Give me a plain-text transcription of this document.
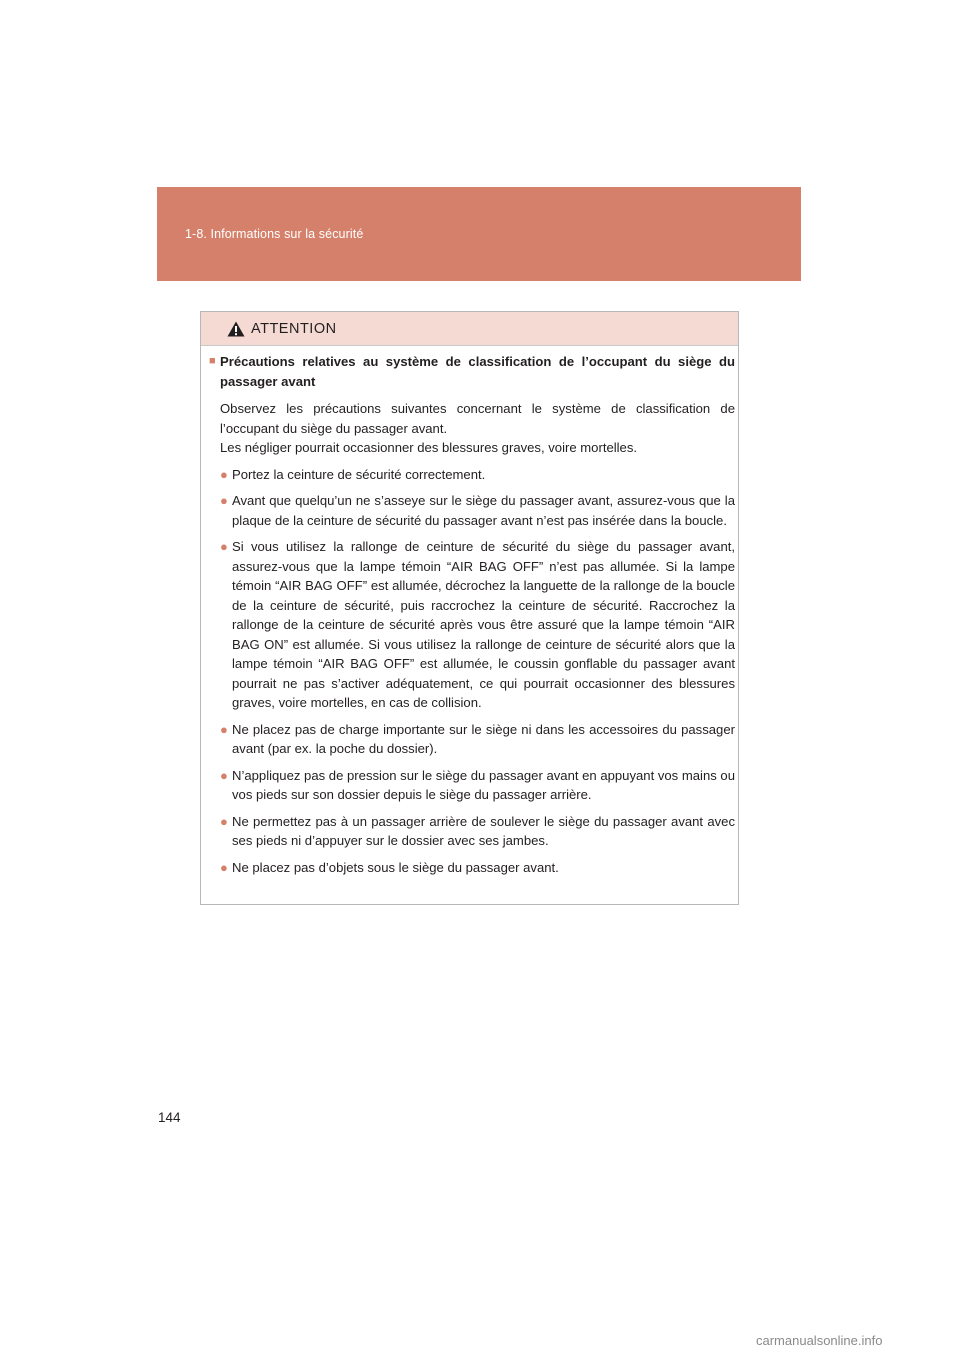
1-8. Informations sur la sécurité
ATTENTION
■ Précautions relatives au système de classification de l’occupant du siège du passager avant

Observez les précautions suivantes concernant le système de classification de l’occupant du siège du passager avant.

Les négliger pourrait occasionner des blessures graves, voire mortelles.

● Portez la ceinture de sécurité correctement.
● Avant que quelqu’un ne s’asseye sur le siège du passager avant, assurez-vous que la plaque de la ceinture de sécurité du passager avant n’est pas insérée dans la boucle.
● Si vous utilisez la rallonge de ceinture de sécurité du siège du passager avant, assurez-vous que la lampe témoin “AIR BAG OFF” n’est pas allumée. Si la lampe témoin “AIR BAG OFF” est allumée, décrochez la languette de la rallonge de la boucle de la ceinture de sécurité, puis raccrochez la ceinture de sécurité. Raccrochez la rallonge de la ceinture de sécurité après vous être assuré que la lampe témoin “AIR BAG ON” est allumée. Si vous utilisez la rallonge de ceinture de sécurité alors que la lampe témoin “AIR BAG OFF” est allumée, le coussin gonflable du passager avant pourrait ne pas s’activer adéquatement, ce qui pourrait occasionner des blessures graves, voire mortelles, en cas de collision.
● Ne placez pas de charge importante sur le siège ni dans les accessoires du passager avant (par ex. la poche du dossier).
● N’appliquez pas de pression sur le siège du passager avant en appuyant vos mains ou vos pieds sur son dossier depuis le siège du passager arrière.
● Ne permettez pas à un passager arrière de soulever le siège du passager avant avec ses pieds ni d’appuyer sur le dossier avec ses jambes.
● Ne placez pas d’objets sous le siège du passager avant.
144
carmanualsonline.info
